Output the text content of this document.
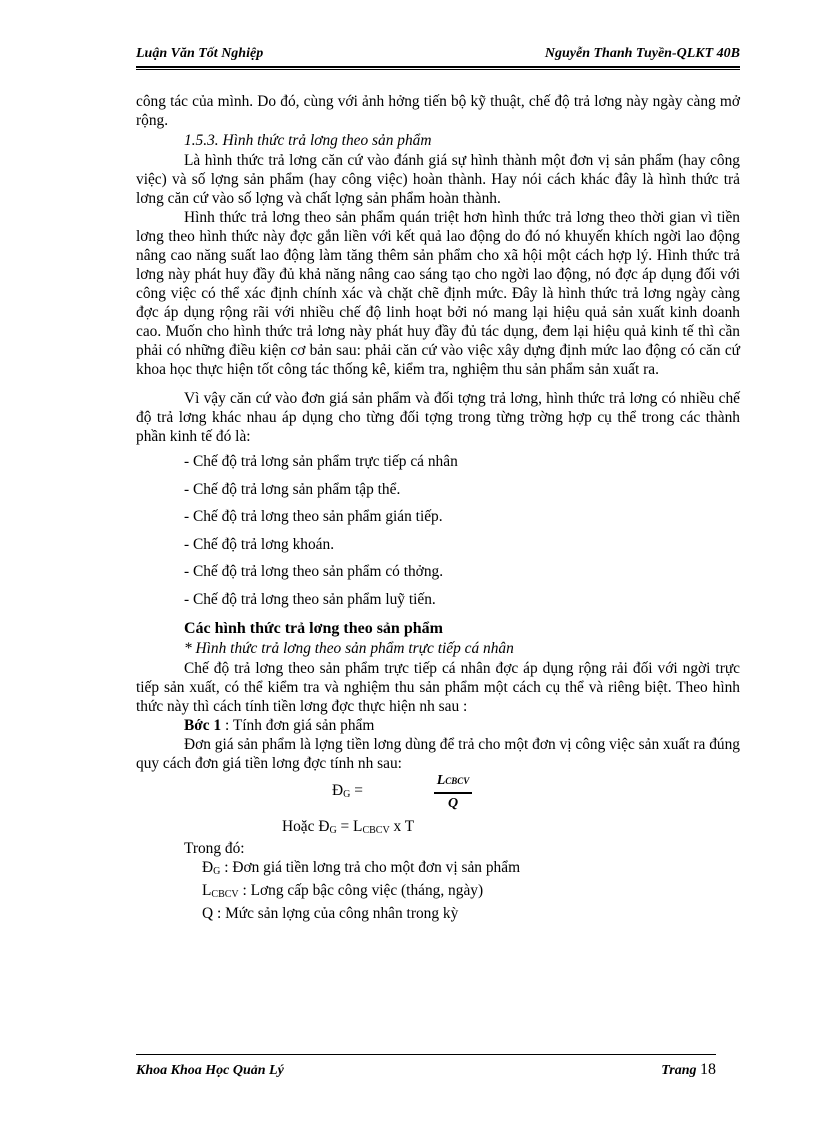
Luận Văn Tốt Nghiệp	Nguyễn Thanh Tuyền-QLKT 40B

công tác của mình. Do đó, cùng với ảnh hởng tiến bộ kỹ thuật, chế độ trả lơng này ngày càng mở rộng.

1.5.3. Hình thức trả lơng theo sản phẩm

Là hình thức trả lơng căn cứ vào đánh giá sự hình thành một đơn vị sản phẩm (hay công việc) và số lợng sản phẩm (hay công việc) hoàn thành. Hay nói cách khác đây là hình thức trả lơng căn cứ vào số lợng và chất lợng sản phẩm hoàn thành.

Hình thức trả lơng theo sản phẩm quán triệt hơn hình thức trả lơng theo thời gian vì tiền lơng theo hình thức này đợc gắn liền với kết quả lao động do đó nó khuyến khích ngời lao động nâng cao năng suất lao động làm tăng thêm sản phẩm cho xã hội một cách hợp lý. Hình thức trả lơng này phát huy đầy đủ khả năng nâng cao sáng tạo cho ngời lao động, nó đợc áp dụng đối với công việc có thể xác định chính xác và chặt chẽ định mức. Đây là hình thức trả lơng ngày càng đợc áp dụng rộng rãi với nhiều chế độ linh hoạt bởi nó mang lại hiệu quả sản xuất kinh doanh cao. Muốn cho hình thức trả lơng này phát huy đầy đủ tác dụng, đem lại hiệu quả kinh tế thì cần phải có những điều kiện cơ bản sau: phải căn cứ vào việc xây dựng định mức lao động có căn cứ khoa học thực hiện tốt công tác thống kê, kiểm tra, nghiệm thu sản phẩm sản xuất ra.

Vì vậy căn cứ vào đơn giá sản phẩm và đối tợng trả lơng, hình thức trả lơng có nhiều chế độ trả lơng khác nhau áp dụng cho từng đối tợng trong từng trờng hợp cụ thể trong các thành phần kinh tế đó là:

- Chế độ trả lơng sản phẩm trực tiếp cá nhân
- Chế độ trả lơng sản phẩm tập thể.
- Chế độ trả lơng theo sản phẩm gián tiếp.
- Chế độ trả lơng khoán.
- Chế độ trả lơng theo sản phẩm có thởng.
- Chế độ trả lơng theo sản phẩm luỹ tiến.

Các hình thức trả lơng theo sản phẩm

* Hình thức trả lơng theo sản phẩm trực tiếp cá nhân

Chế độ trả lơng theo sản phẩm trực tiếp cá nhân đợc áp dụng rộng rải đối với ngời trực tiếp sản xuất, có thể kiểm tra và nghiệm thu sản phẩm một cách cụ thể và riêng biệt. Theo hình thức này thì cách tính tiền lơng đợc thực hiện nh sau :

Bớc 1 : Tính đơn giá sản phẩm

Đơn giá sản phẩm là lợng tiền lơng dùng để trả cho một đơn vị công việc sản xuất ra đúng quy cách đơn giá tiền lơng đợc tính nh sau:

$Đ_G$ =
LCBCV
Q
Hoặc $Đ_G = L_{CBCV}$ x T

Trong đó:

$Đ_G$ : Đơn giá tiền lơng trả cho một đơn vị sản phẩm

$L_{CBCV}$ : Lơng cấp bậc công việc (tháng, ngày)

Q : Mức sản lợng của công nhân trong kỳ

Khoa Khoa Học Quản Lý	Trang 18
